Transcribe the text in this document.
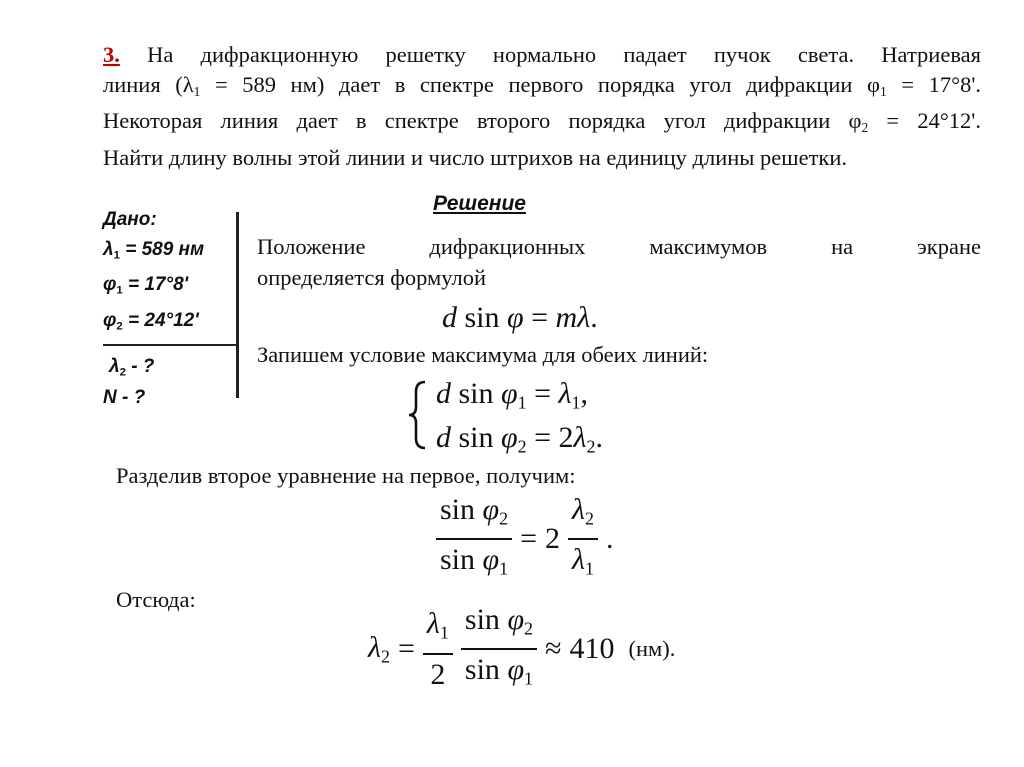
3. На дифракционную решетку нормально падает пучок света. Натриевая
линия ($\lambda_1 = 589$ нм) дает в спектре первого порядка угол дифракции $\varphi_1 = 17^\circ 8'$.
Некоторая линия дает в спектре второго порядка угол дифракции $\varphi_2 = 24^\circ 12'$.
Найти длину волны этой линии и число штрихов на единицу длины решетки.
Дано:
$\lambda_1 = 589$ нм
$\varphi_1 = 17^\circ 8'$
$\varphi_2 = 24^\circ 12'$
$\lambda_2$ - ?
N - ?
Решение
Положение дифракционных максимумов на экране
определяется формулой
d sin φ = mλ.
Запишем условие максимума для обеих линий:
d $\sin \varphi_1 = \lambda_1$,
d $\sin \varphi_2 = 2\lambda_2$.
Разделив второе уравнение на первое, получим:
$\frac{\sin \varphi_2}{\sin \varphi_1} = 2 \frac{\lambda_2}{\lambda_1}$ .
Отсюда:
$\lambda_2 = \frac{\lambda_1}{2} \frac{\sin \varphi_2}{\sin \varphi_1} \approx 410$ (нм).
